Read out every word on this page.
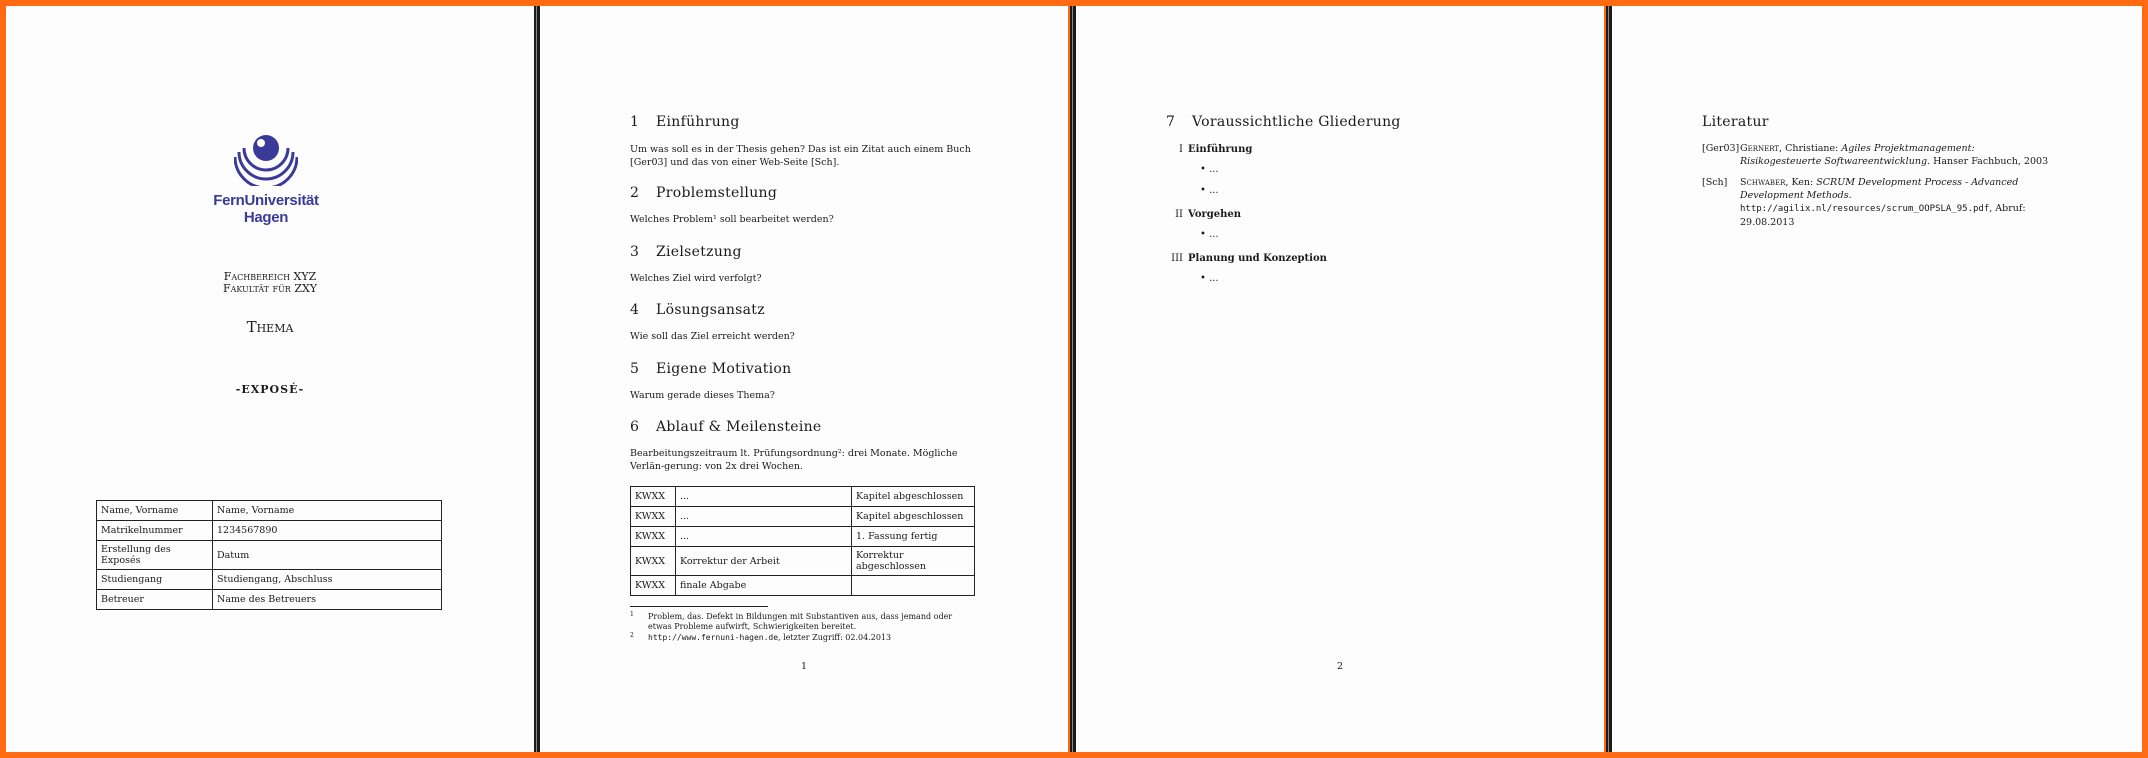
FernUniversität Hagen
Fachbereich XYZ
Fakultät für ZXY
Thema
-EXPOSÉ-
Name, Vorname	Name, Vorname
Matrikelnummer	1234567890
Erstellung des Exposés	Datum
Studiengang	Studiengang, Abschluss
Betreuer	Name des Betreuers
1 Einführung

Um was soll es in der Thesis gehen? Das ist ein Zitat auch einem Buch [Ger03] und das von einer Web-Seite [Sch].

2 Problemstellung

Welches Problem¹ soll bearbeitet werden?

3 Zielsetzung

Welches Ziel wird verfolgt?

4 Lösungsansatz

Wie soll das Ziel erreicht werden?

5 Eigene Motivation

Warum gerade dieses Thema?

6 Ablauf & Meilensteine

Bearbeitungszeitraum lt. Prüfungsordnung²: drei Monate. Mögliche Verlän-gerung: von 2x drei Wochen.

KWXX	...	Kapitel abgeschlossen
KWXX	...	Kapitel abgeschlossen
KWXX	...	1. Fassung fertig
KWXX	Korrektur der Arbeit	Korrektur abgeschlossen
KWXX	finale Abgabe	
1 Problem, das. Defekt in Bildungen mit Substantiven aus, dass jemand oder etwas Probleme aufwirft, Schwierigkeiten bereitet.
2 http://www.fernuni-hagen.de, letzter Zugriff: 02.04.2013
1
7 Voraussichtliche Gliederung
I Einführung
• ...
• ...
II Vorgehen
• ...
III Planung und Konzeption
• ...
2
Literatur
[Ger03] Gernert, Christiane: Agiles Projektmanagement: Risikogesteuerte Softwareentwicklung. Hanser Fachbuch, 2003
[Sch] Schwaber, Ken: SCRUM Development Process - Advanced Development Methods. http://agilix.nl/resources/scrum_OOPSLA_95.pdf, Abruf: 29.08.2013
